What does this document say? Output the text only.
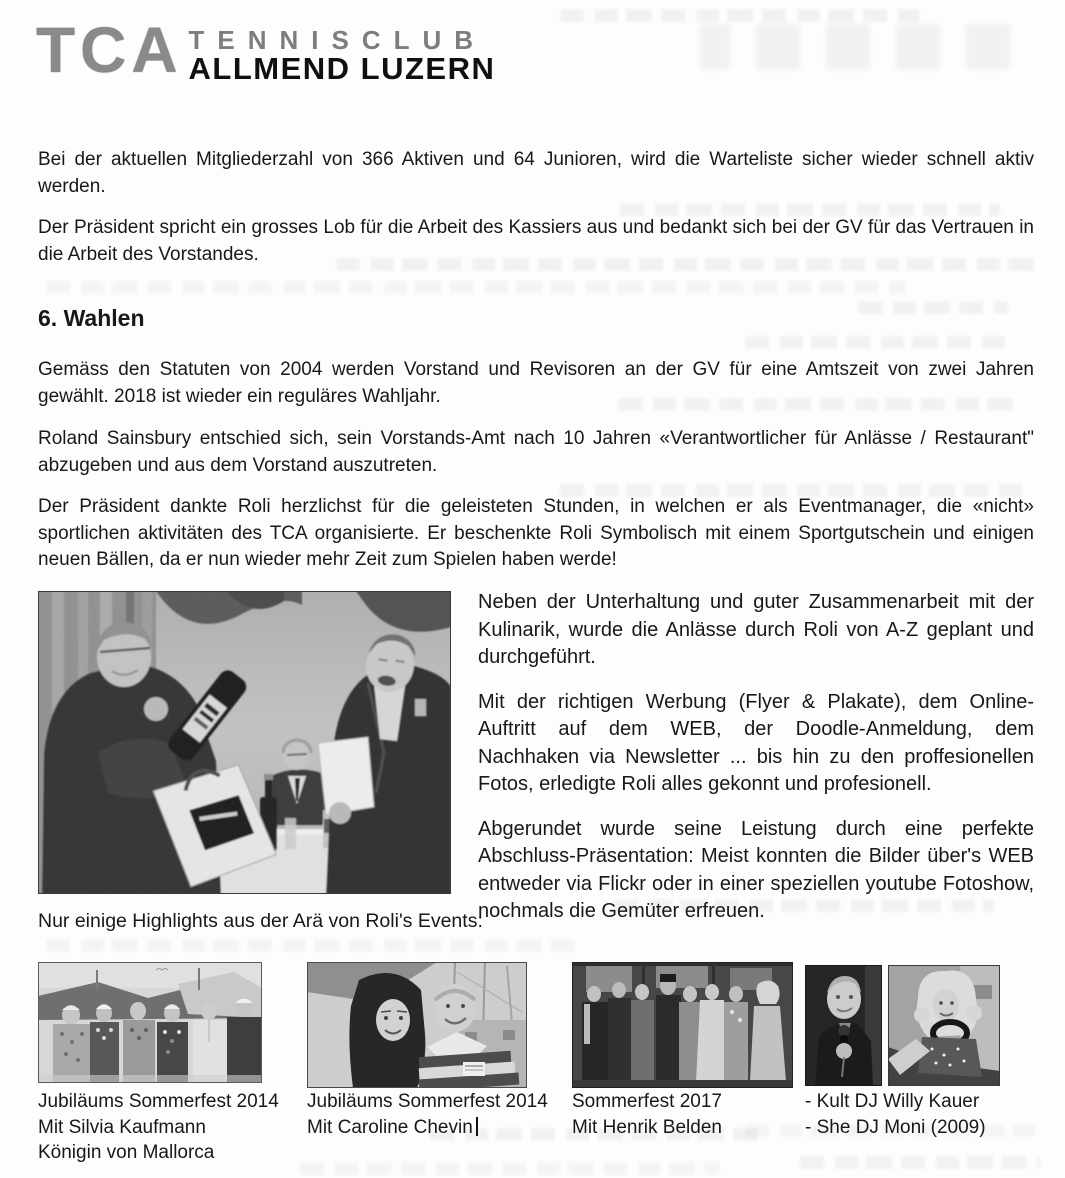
TCA TENNISCLUB
ALLMEND LUZERN
Bei der aktuellen Mitgliederzahl von 366 Aktiven und 64 Junioren, wird die Warteliste sicher wieder schnell aktiv werden.
Der Präsident spricht ein grosses Lob für die Arbeit des Kassiers aus und bedankt sich bei der GV für das Vertrauen in die Arbeit des Vorstandes.
6. Wahlen
Gemäss den Statuten von 2004 werden Vorstand und Revisoren an der GV für eine Amtszeit von zwei Jahren gewählt. 2018 ist wieder ein reguläres Wahljahr.
Roland Sainsbury entschied sich, sein Vorstands-Amt nach 10 Jahren «Verantwortlicher für Anlässe / Restaurant" abzugeben und aus dem Vorstand auszutreten.
Der Präsident dankte Roli herzlichst für die geleisteten Stunden, in welchen er als Eventmanager, die «nicht» sportlichen aktivitäten des TCA organisierte. Er beschenkte Roli Symbolisch mit einem Sportgutschein und einigen neuen Bällen, da er nun wieder mehr Zeit zum Spielen haben werde!

Neben der Unterhaltung und guter Zusammenarbeit mit der Kulinarik, wurde die Anlässe durch Roli von A-Z geplant und durchgeführt.

Mit der richtigen Werbung (Flyer & Plakate), dem Online-Auftritt auf dem WEB, der Doodle-Anmeldung, dem Nachhaken via Newsletter ... bis hin zu den proffesionellen Fotos, erledigte Roli alles gekonnt und profesionell.

Abgerundet wurde seine Leistung durch eine perfekte Abschluss-Präsentation: Meist konnten die Bilder über's WEB entweder via Flickr oder in einer speziellen youtube Fotoshow, nochmals die Gemüter erfreuen.

Nur einige Highlights aus der Arä von Roli's Events:
Jubiläums Sommerfest 2014
Mit Silvia Kaufmann
Königin von Mallorca
Jubiläums Sommerfest 2014
Mit Caroline Chevin
Sommerfest 2017
Mit Henrik Belden
- Kult DJ Willy Kauer
- She DJ Moni (2009)
